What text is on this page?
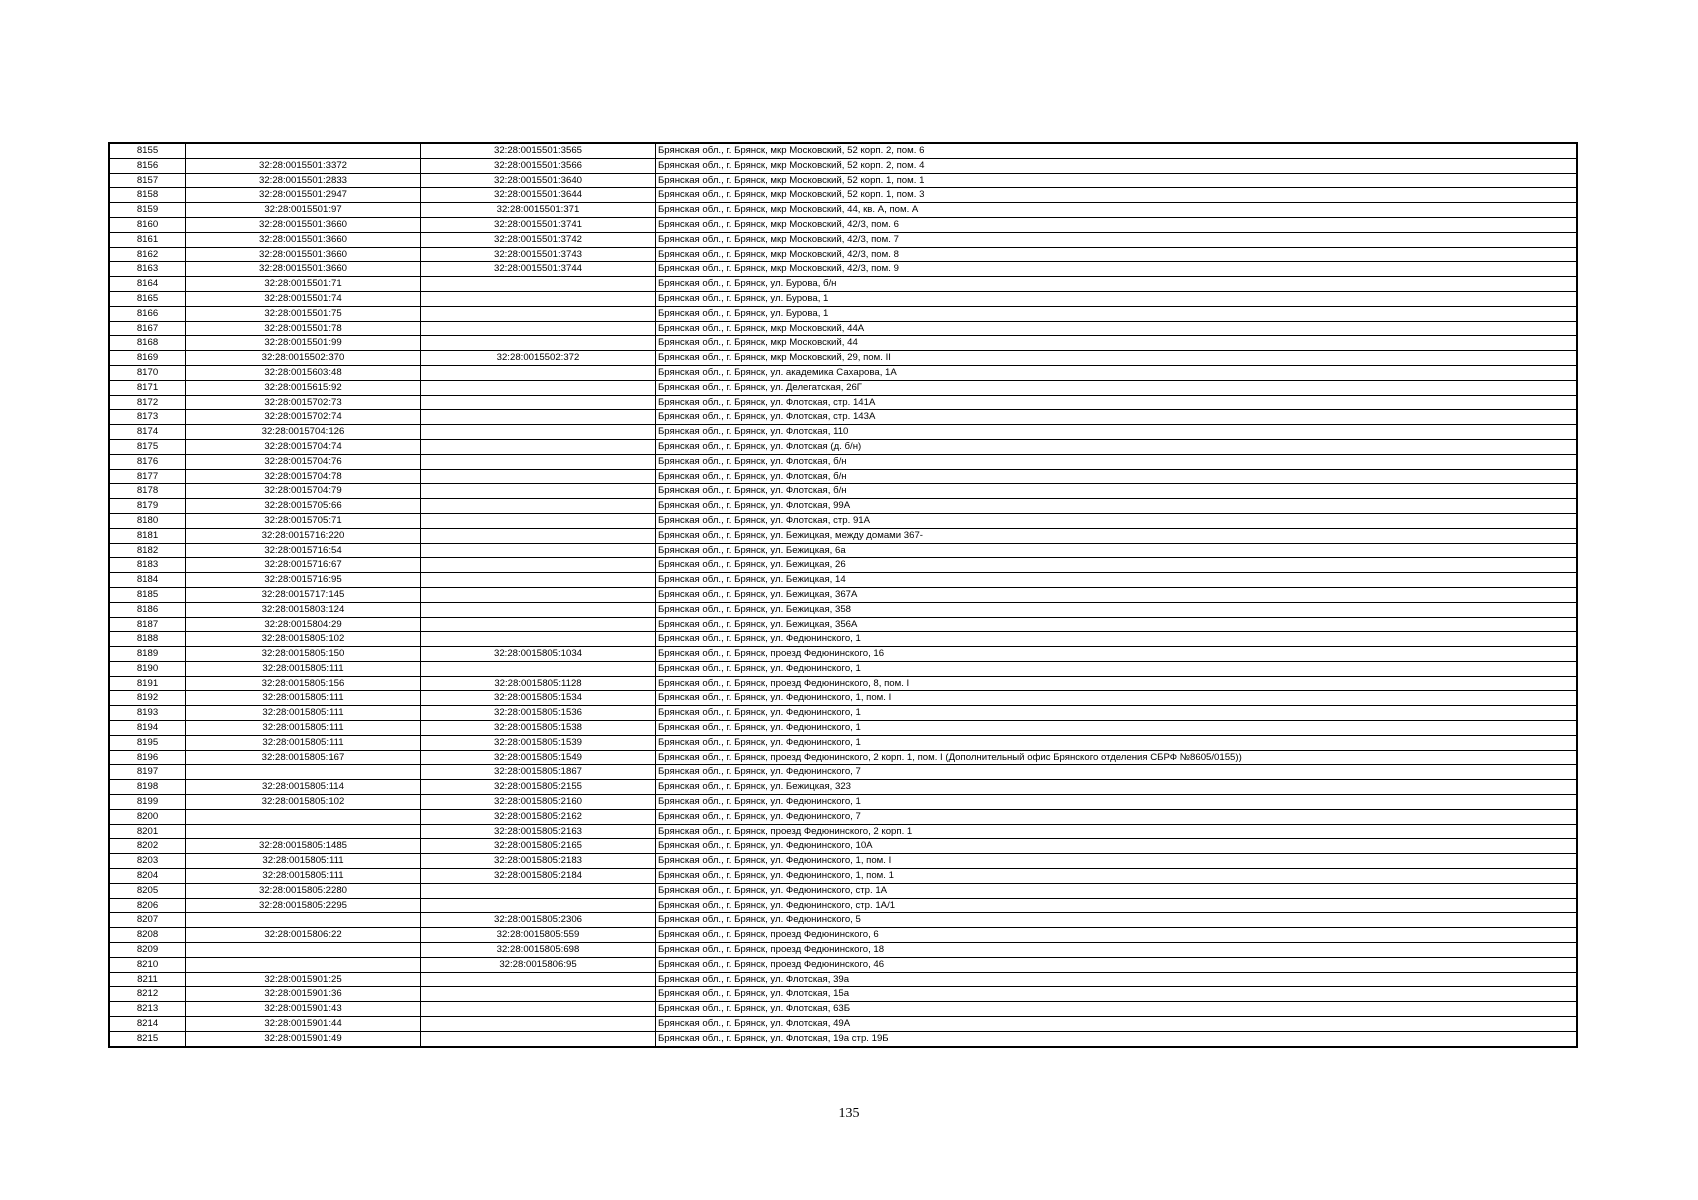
8155		32:28:0015501:3565	Брянская обл., г. Брянск, мкр Московский, 52 корп. 2, пом. 6
8156	32:28:0015501:3372	32:28:0015501:3566	Брянская обл., г. Брянск, мкр Московский, 52 корп. 2, пом. 4
8157	32:28:0015501:2833	32:28:0015501:3640	Брянская обл., г. Брянск, мкр Московский, 52 корп. 1, пом. 1
8158	32:28:0015501:2947	32:28:0015501:3644	Брянская обл., г. Брянск, мкр Московский, 52 корп. 1, пом. 3
8159	32:28:0015501:97	32:28:0015501:371	Брянская обл., г. Брянск, мкр Московский, 44, кв. А, пом. А
8160	32:28:0015501:3660	32:28:0015501:3741	Брянская обл., г. Брянск, мкр Московский, 42/3, пом. 6
8161	32:28:0015501:3660	32:28:0015501:3742	Брянская обл., г. Брянск, мкр Московский, 42/3, пом. 7
8162	32:28:0015501:3660	32:28:0015501:3743	Брянская обл., г. Брянск, мкр Московский, 42/3, пом. 8
8163	32:28:0015501:3660	32:28:0015501:3744	Брянская обл., г. Брянск, мкр Московский, 42/3, пом. 9
8164	32:28:0015501:71		Брянская обл., г. Брянск, ул. Бурова, б/н
8165	32:28:0015501:74		Брянская обл., г. Брянск, ул. Бурова, 1
8166	32:28:0015501:75		Брянская обл., г. Брянск, ул. Бурова, 1
8167	32:28:0015501:78		Брянская обл., г. Брянск, мкр Московский, 44А
8168	32:28:0015501:99		Брянская обл., г. Брянск, мкр Московский, 44
8169	32:28:0015502:370	32:28:0015502:372	Брянская обл., г. Брянск, мкр Московский, 29, пом. II
8170	32:28:0015603:48		Брянская обл., г. Брянск, ул. академика Сахарова, 1А
8171	32:28:0015615:92		Брянская обл., г. Брянск, ул. Делегатская, 26Г
8172	32:28:0015702:73		Брянская обл., г. Брянск, ул. Флотская, стр. 141А
8173	32:28:0015702:74		Брянская обл., г. Брянск, ул. Флотская, стр. 143А
8174	32:28:0015704:126		Брянская обл., г. Брянск, ул. Флотская, 110
8175	32:28:0015704:74		Брянская обл., г. Брянск, ул. Флотская (д. б/н)
8176	32:28:0015704:76		Брянская обл., г. Брянск, ул. Флотская, б/н
8177	32:28:0015704:78		Брянская обл., г. Брянск, ул. Флотская, б/н
8178	32:28:0015704:79		Брянская обл., г. Брянск, ул. Флотская, б/н
8179	32:28:0015705:66		Брянская обл., г. Брянск, ул. Флотская, 99А
8180	32:28:0015705:71		Брянская обл., г. Брянск, ул. Флотская, стр. 91А
8181	32:28:0015716:220		Брянская обл., г. Брянск, ул. Бежицкая, между домами 367-
8182	32:28:0015716:54		Брянская обл., г. Брянск, ул. Бежицкая, 6а
8183	32:28:0015716:67		Брянская обл., г. Брянск, ул. Бежицкая, 26
8184	32:28:0015716:95		Брянская обл., г. Брянск, ул. Бежицкая, 14
8185	32:28:0015717:145		Брянская обл., г. Брянск, ул. Бежицкая, 367А
8186	32:28:0015803:124		Брянская обл., г. Брянск, ул. Бежицкая, 358
8187	32:28:0015804:29		Брянская обл., г. Брянск, ул. Бежицкая, 356А
8188	32:28:0015805:102		Брянская обл., г. Брянск, ул. Федюнинского, 1
8189	32:28:0015805:150	32:28:0015805:1034	Брянская обл., г. Брянск, проезд Федюнинского, 16
8190	32:28:0015805:111		Брянская обл., г. Брянск, ул. Федюнинского, 1
8191	32:28:0015805:156	32:28:0015805:1128	Брянская обл., г. Брянск, проезд Федюнинского, 8, пом. I
8192	32:28:0015805:111	32:28:0015805:1534	Брянская обл., г. Брянск, ул. Федюнинского, 1, пом. I
8193	32:28:0015805:111	32:28:0015805:1536	Брянская обл., г. Брянск, ул. Федюнинского, 1
8194	32:28:0015805:111	32:28:0015805:1538	Брянская обл., г. Брянск, ул. Федюнинского, 1
8195	32:28:0015805:111	32:28:0015805:1539	Брянская обл., г. Брянск, ул. Федюнинского, 1
8196	32:28:0015805:167	32:28:0015805:1549	Брянская обл., г. Брянск, проезд Федюнинского, 2 корп. 1, пом. I (Дополнительный офис Брянского отделения СБРФ №8605/0155))
8197		32:28:0015805:1867	Брянская обл., г. Брянск, ул. Федюнинского, 7
8198	32:28:0015805:114	32:28:0015805:2155	Брянская обл., г. Брянск, ул. Бежицкая, 323
8199	32:28:0015805:102	32:28:0015805:2160	Брянская обл., г. Брянск, ул. Федюнинского, 1
8200		32:28:0015805:2162	Брянская обл., г. Брянск, ул. Федюнинского, 7
8201		32:28:0015805:2163	Брянская обл., г. Брянск, проезд Федюнинского, 2 корп. 1
8202	32:28:0015805:1485	32:28:0015805:2165	Брянская обл., г. Брянск, ул. Федюнинского, 10А
8203	32:28:0015805:111	32:28:0015805:2183	Брянская обл., г. Брянск, ул. Федюнинского, 1, пом. I
8204	32:28:0015805:111	32:28:0015805:2184	Брянская обл., г. Брянск, ул. Федюнинского, 1, пом. 1
8205	32:28:0015805:2280		Брянская обл., г. Брянск, ул. Федюнинского, стр. 1А
8206	32:28:0015805:2295		Брянская обл., г. Брянск, ул. Федюнинского, стр. 1А/1
8207		32:28:0015805:2306	Брянская обл., г. Брянск, ул. Федюнинского, 5
8208	32:28:0015806:22	32:28:0015805:559	Брянская обл., г. Брянск, проезд Федюнинского, 6
8209		32:28:0015805:698	Брянская обл., г. Брянск, проезд Федюнинского, 18
8210		32:28:0015806:95	Брянская обл., г. Брянск, проезд Федюнинского, 46
8211	32:28:0015901:25		Брянская обл., г. Брянск, ул. Флотская, 39а
8212	32:28:0015901:36		Брянская обл., г. Брянск, ул. Флотская, 15а
8213	32:28:0015901:43		Брянская обл., г. Брянск, ул. Флотская, 63Б
8214	32:28:0015901:44		Брянская обл., г. Брянск, ул. Флотская, 49А
8215	32:28:0015901:49		Брянская обл., г. Брянск, ул. Флотская, 19а стр. 19Б
135
